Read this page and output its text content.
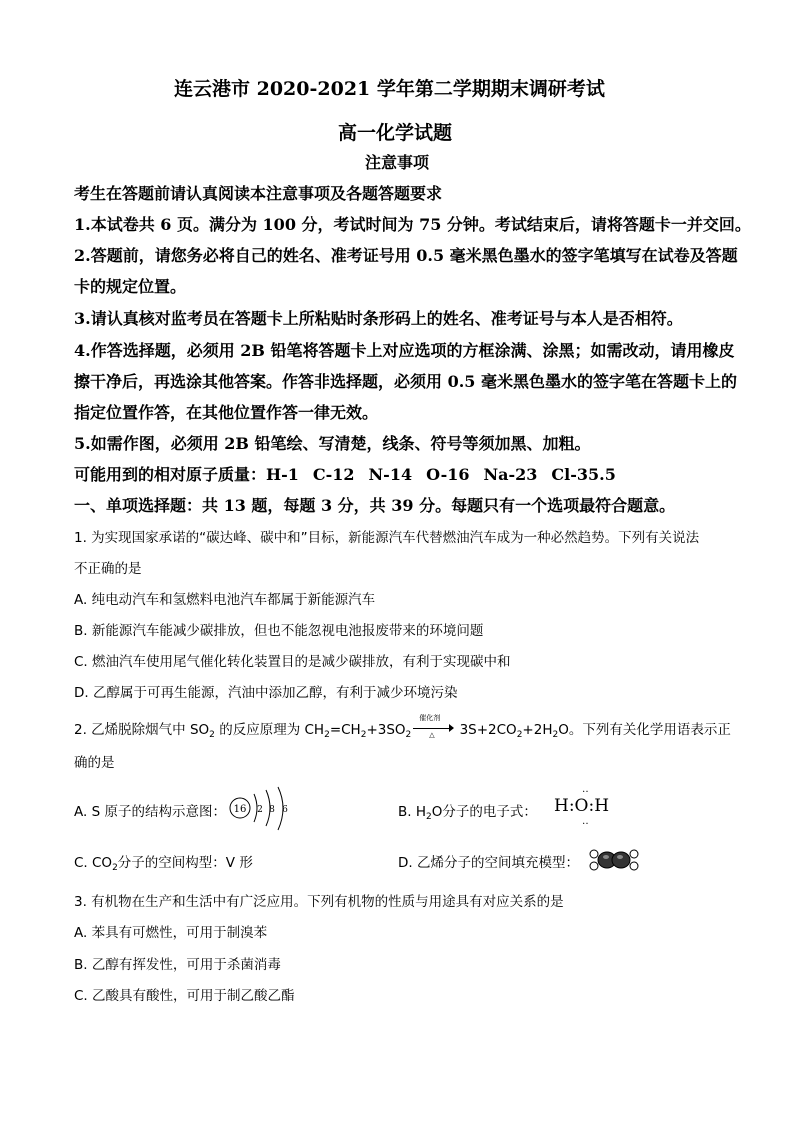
连云港市 2020-2021 学年第二学期期末调研考试
高一化学试题
注意事项
考生在答题前请认真阅读本注意事项及各题答题要求
1.本试卷共 6 页。满分为 100 分，考试时间为 75 分钟。考试结束后，请将答题卡一并交回。
2.答题前，请您务必将自己的姓名、准考证号用 0.5 毫米黑色墨水的签字笔填写在试卷及答题
卡的规定位置。
3.请认真核对监考员在答题卡上所粘贴时条形码上的姓名、准考证号与本人是否相符。
4.作答选择题，必须用 2B 铅笔将答题卡上对应选项的方框涂满、涂黑；如需改动，请用橡皮
擦干净后，再选涂其他答案。作答非选择题，必须用 0.5 毫米黑色墨水的签字笔在答题卡上的
指定位置作答，在其他位置作答一律无效。
5.如需作图，必须用 2B 铅笔绘、写清楚，线条、符号等须加黑、加粗。
可能用到的相对原子质量：H-1 C-12 N-14 O-16 Na-23 Cl-35.5
一、单项选择题：共 13 题，每题 3 分，共 39 分。每题只有一个选项最符合题意。
1. 为实现国家承诺的“碳达峰、碳中和”目标，新能源汽车代替燃油汽车成为一种必然趋势。下列有关说法
不正确的是
A. 纯电动汽车和氢燃料电池汽车都属于新能源汽车
B. 新能源汽车能减少碳排放，但也不能忽视电池报废带来的环境问题
C. 燃油汽车使用尾气催化转化装置目的是减少碳排放，有利于实现碳中和
D. 乙醇属于可再生能源，汽油中添加乙醇，有利于减少环境污染
2. 乙烯脱除烟气中 $SO_2$ 的反应原理为 $CH_2=CH_2+3SO_2$
催化剂
△ $3S+2CO_2+2H_2O$。下列有关化学用语表示正
确的是
A. S 原子的结构示意图： 16 2 8 6	B. $H_2O$分子的电子式：
‥
H:O:H
‥
C. $CO_2$分子的空间构型：V 形	D. 乙烯分子的空间填充模型：
3. 有机物在生产和生活中有广泛应用。下列有机物的性质与用途具有对应关系的是
A. 苯具有可燃性，可用于制溴苯
B. 乙醇有挥发性，可用于杀菌消毒
C. 乙酸具有酸性，可用于制乙酸乙酯
